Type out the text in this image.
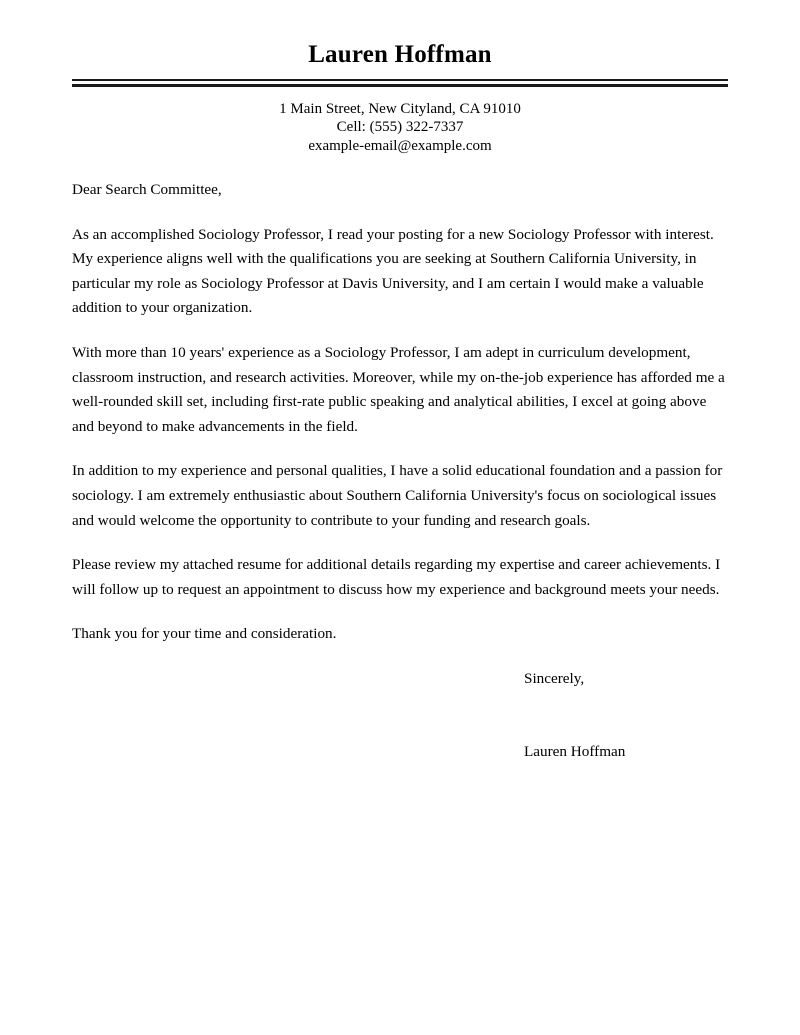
Lauren Hoffman
1 Main Street, New Cityland, CA 91010
Cell: (555) 322-7337
example-email@example.com

Dear Search Committee,

As an accomplished Sociology Professor, I read your posting for a new Sociology Professor with interest. My experience aligns well with the qualifications you are seeking at Southern California University, in particular my role as Sociology Professor at Davis University, and I am certain I would make a valuable addition to your organization.

With more than 10 years' experience as a Sociology Professor, I am adept in curriculum development, classroom instruction, and research activities. Moreover, while my on-the-job experience has afforded me a well-rounded skill set, including first-rate public speaking and analytical abilities, I excel at going above and beyond to make advancements in the field.

In addition to my experience and personal qualities, I have a solid educational foundation and a passion for sociology. I am extremely enthusiastic about Southern California University's focus on sociological issues and would welcome the opportunity to contribute to your funding and research goals.

Please review my attached resume for additional details regarding my expertise and career achievements. I will follow up to request an appointment to discuss how my experience and background meets your needs.

Thank you for your time and consideration.

Sincerely,

Lauren Hoffman
